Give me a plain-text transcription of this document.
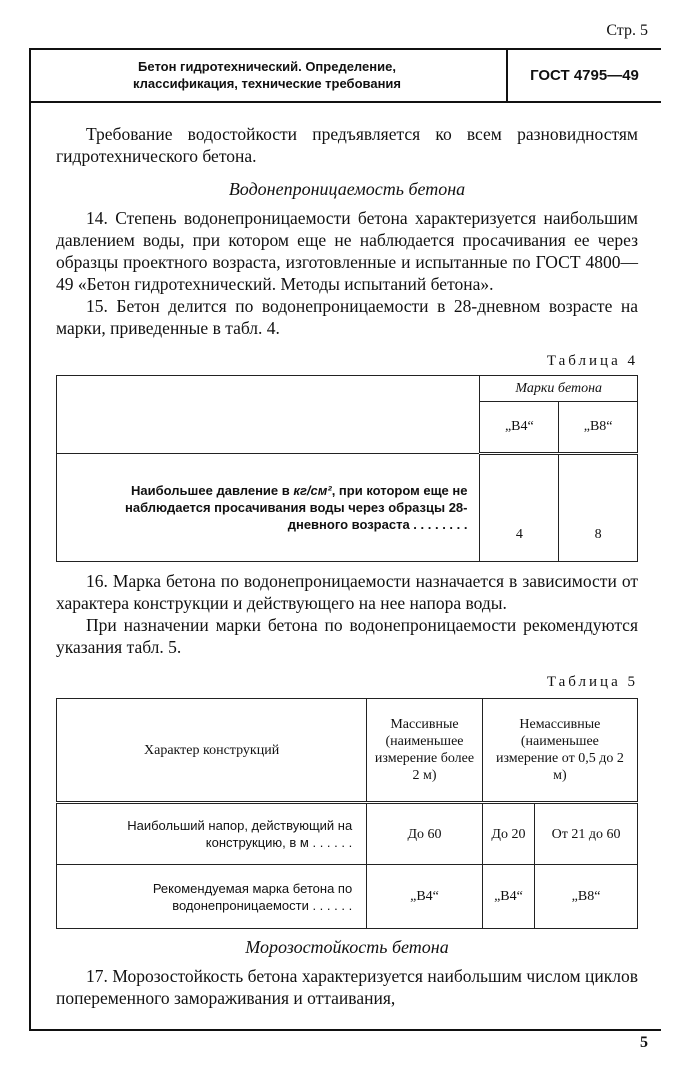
Стр. 5
Бетон гидротехнический. Определение,
классификация, технические требования	ГОСТ 4795—49

Требование водостойкости предъявляется ко всем разновидностям гидротехнического бетона.

Водонепроницаемость бетона

14. Степень водонепроницаемости бетона характеризуется наибольшим давлением воды, при котором еще не наблюдается просачивания ее через образцы проектного возраста, изготовленные и испытанные по ГОСТ 4800—49 «Бетон гидротехнический. Методы испытаний бетона».

15. Бетон делится по водонепроницаемости в 28-дневном возрасте на марки, приведенные в табл. 4.

Таблица 4
	Марки бетона	
	„В4“	„В8“
Наибольшее давление в кг/см², при котором еще не наблюдается просачивания воды через образцы 28-дневного возраста . . . . . . . .	4	8

16. Марка бетона по водонепроницаемости назначается в зависимости от характера конструкции и действующего на нее напора воды.

При назначении марки бетона по водонепроницаемости рекомендуются указания табл. 5.

Таблица 5
Характер конструкций	Массивные (наименьшее измерение более 2 м)	Немассивные (наименьшее измерение от 0,5 до 2 м)	
Наибольший напор, действующий на конструкцию, в м . . . . . .	До 60	До 20	От 21 до 60
Рекомендуемая марка бетона по водонепроницаемости . . . . . .	„В4“	„В4“	„В8“
Морозостойкость бетона

17. Морозостойкость бетона характеризуется наибольшим числом циклов попеременного замораживания и оттаивания,

5
